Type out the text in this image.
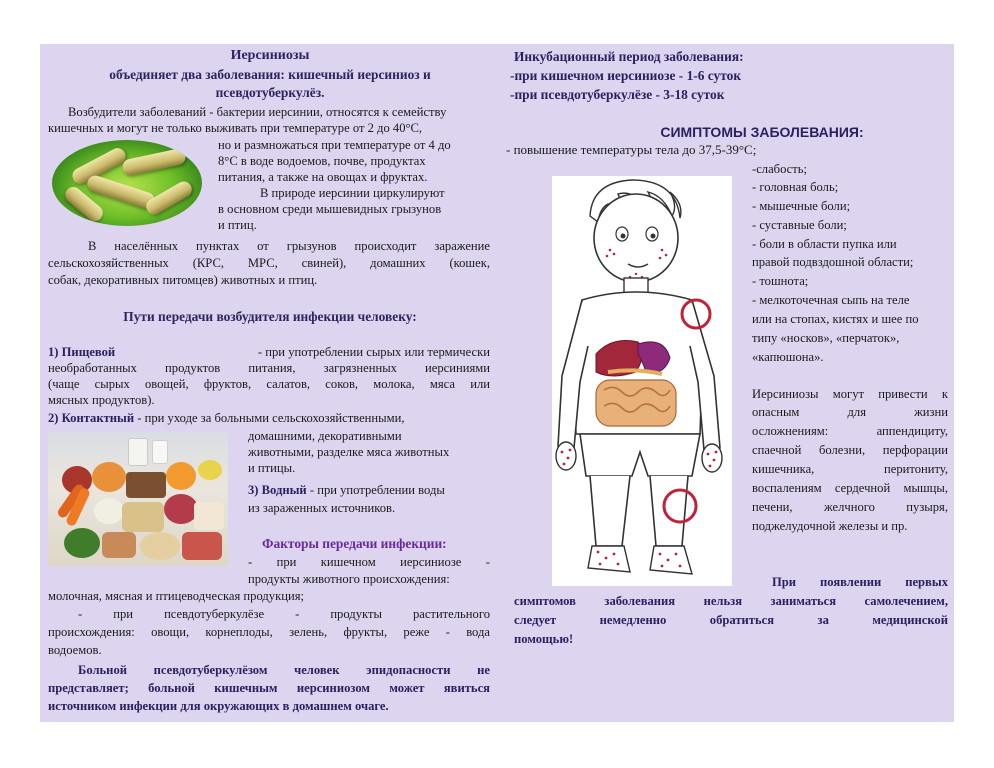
Иерсиниозы
объединяет два заболевания: кишечный иерсиниоз и
псевдотуберкулёз.
Возбудители заболеваний - бактерии иерсинии, относятся к семейству
кишечных и могут не только выживать при температуре от 2 до 40°С,
но и размножаться при температуре от 4 до
8°С в воде водоемов, почве, продуктах
питания, а также на овощах и фруктах.
В природе иерсинии циркулируют
в основном среди мышевидных грызунов
и птиц.
В населённых пунктах от грызунов происходит заражение
сельскохозяйственных (КРС, МРС, свиней), домашних (кошек,
собак, декоративных питомцев) животных и птиц.
Пути передачи возбудителя инфекции человеку:
1) Пищевой	- при употреблении сырых или термически
необработанных продуктов питания, загрязненных иерсиниями
(чаще сырых овощей, фруктов, салатов, соков, молока, мяса или
мясных продуктов).
2) Контактный - при уходе за больными сельскохозяйственными,
домашними, декоративными
животными, разделке мяса животных
и птицы.
3) Водный - при употреблении воды
из зараженных источников.
Факторы передачи инфекции:
- при кишечном иерсиниозе -
продукты животного происхождения:
молочная, мясная и птицеводческая продукция;
- при псевдотуберкулёзе - продукты растительного
происхождения: овощи, корнеплоды, зелень, фрукты, реже - вода
водоемов.
Больной псевдотуберкулёзом человек эпидопасности не
представляет; больной кишечным иерсиниозом может явиться
источником инфекции для окружающих в домашнем очаге.
Инкубационный период заболевания:
-при кишечном иерсиниозе - 1-6 суток
-при псевдотуберкулёзе - 3-18 суток
СИМПТОМЫ ЗАБОЛЕВАНИЯ:
- повышение температуры тела до 37,5-39°С;
-слабость;
- головная боль;
- мышечные боли;
- суставные боли;
- боли в области пупка или
правой подвздошной области;
- тошнота;
- мелкоточечная сыпь на теле
или на стопах, кистях и шее по
типу «носков», «перчаток»,
«капюшона».
Иерсиниозы могут привести к
опасным для жизни
осложнениям: аппендициту,
спаечной болезни, перфорации
кишечника, перитониту,
воспалениям сердечной мышцы,
печени, желчного пузыря,
поджелудочной железы и пр.
При появлении первых
симптомов заболевания нельзя заниматься самолечением,
следует немедленно обратиться за медицинской
помощью!
